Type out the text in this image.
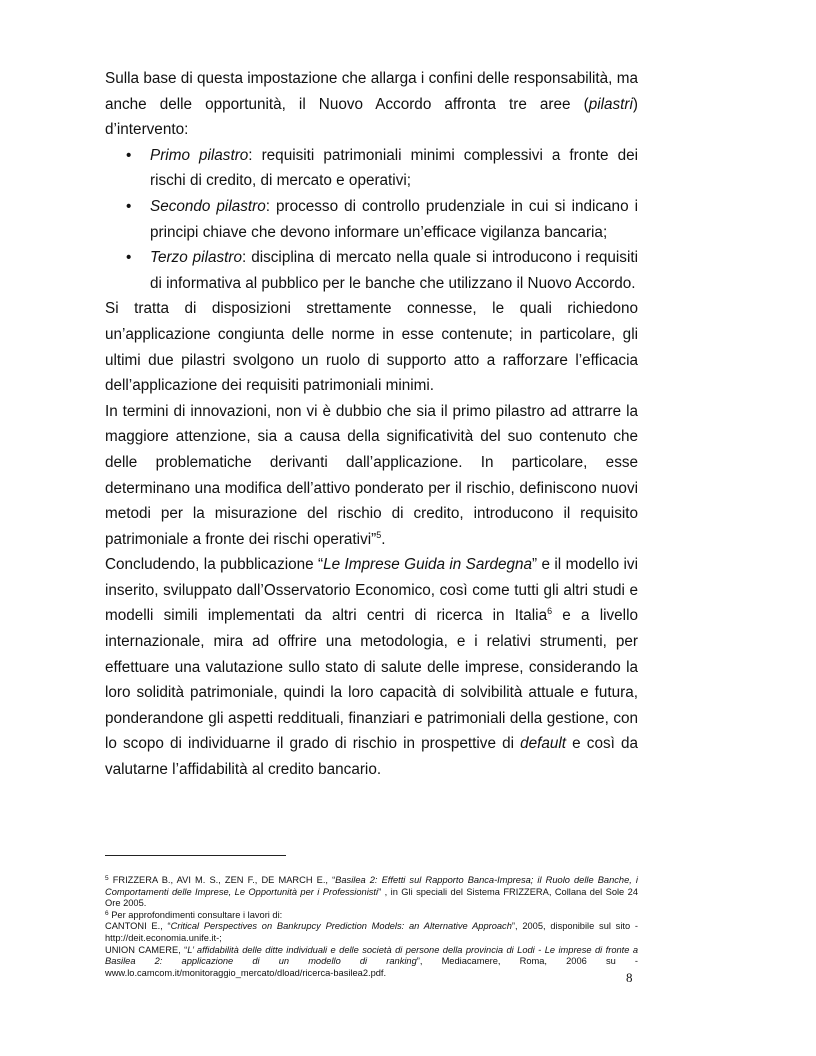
Sulla base di questa impostazione che allarga i confini delle responsabilità, ma anche delle opportunità, il Nuovo Accordo affronta tre aree (pilastri) d’intervento:

• Primo pilastro: requisiti patrimoniali minimi complessivi a fronte dei rischi di credito, di mercato e operativi;
• Secondo pilastro: processo di controllo prudenziale in cui si indicano i principi chiave che devono informare un’efficace vigilanza bancaria;
• Terzo pilastro: disciplina di mercato nella quale si introducono i requisiti di informativa al pubblico per le banche che utilizzano il Nuovo Accordo.

Si tratta di disposizioni strettamente connesse, le quali richiedono un’applicazione congiunta delle norme in esse contenute; in particolare, gli ultimi due pilastri svolgono un ruolo di supporto atto a rafforzare l’efficacia dell’applicazione dei requisiti patrimoniali minimi.

In termini di innovazioni, non vi è dubbio che sia il primo pilastro ad attrarre la maggiore attenzione, sia a causa della significatività del suo contenuto che delle problematiche derivanti dall’applicazione. In particolare, esse determinano una modifica dell’attivo ponderato per il rischio, definiscono nuovi metodi per la misurazione del rischio di credito, introducono il requisito patrimoniale a fronte dei rischi operativi”$^5$.

Concludendo, la pubblicazione “Le Imprese Guida in Sardegna” e il modello ivi inserito, sviluppato dall’Osservatorio Economico, così come tutti gli altri studi e modelli simili implementati da altri centri di ricerca in Italia$^6$ e a livello internazionale, mira ad offrire una metodologia, e i relativi strumenti, per effettuare una valutazione sullo stato di salute delle imprese, considerando la loro solidità patrimoniale, quindi la loro capacità di solvibilità attuale e futura, ponderandone gli aspetti reddituali, finanziari e patrimoniali della gestione, con lo scopo di individuarne il grado di rischio in prospettive di default e così da valutarne l’affidabilità al credito bancario.

$^5$ FRIZZERA B., AVI M. S., ZEN F., DE MARCH E., “Basilea 2: Effetti sul Rapporto Banca-Impresa; il Ruolo delle Banche, i Comportamenti delle Imprese, Le Opportunità per i Professionisti” , in Gli speciali del Sistema FRIZZERA, Collana del Sole 24 Ore 2005.

$^6$ Per approfondimenti consultare i lavori di:

CANTONI E., “Critical Perspectives on Bankrupcy Prediction Models: an Alternative Approach”, 2005, disponibile sul sito -http://deit.economia.unife.it-;

UNION CAMERE, “L’ affidabilità delle ditte individuali e delle società di persone della provincia di Lodi - Le imprese di fronte a Basilea 2: applicazione di un modello di ranking”, Mediacamere, Roma, 2006 su - www.lo.camcom.it/monitoraggio_mercato/dload/ricerca-basilea2.pdf.	8
